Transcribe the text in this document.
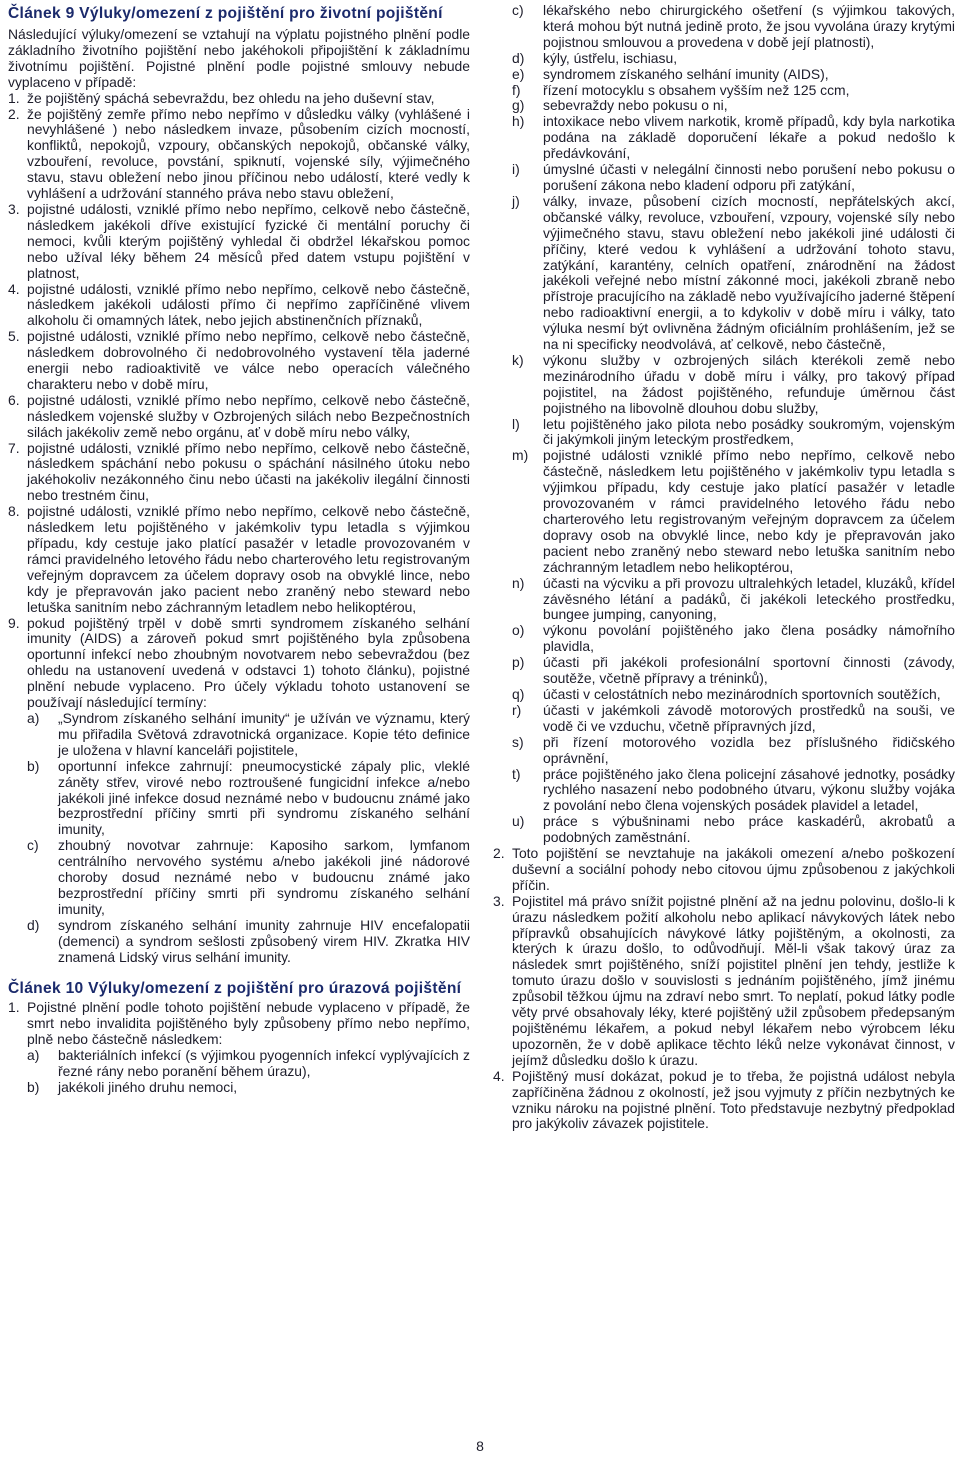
Článek 9 Výluky/omezení z pojištění pro životní pojištění

Následující výluky/omezení se vztahují na výplatu pojistného plnění podle základního životního pojištění nebo jakéhokoli připojištění k základnímu životnímu pojištění. Pojistné plnění podle pojistné smlouvy nebude vyplaceno v případě:

1. že pojištěný spáchá sebevraždu, bez ohledu na jeho duševní stav,
2. že pojištěný zemře přímo nebo nepřímo v důsledku války (vyhlášené i nevyhlášené ) nebo následkem invaze, působením cizích mocností, konfliktů, nepokojů, vzpoury, občanských nepokojů, občanské války, vzbouření, revoluce, povstání, spiknutí, vojenské síly, výjimečného stavu, stavu obležení nebo jinou příčinou nebo událostí, které vedly k vyhlášení a udržování stanného práva nebo stavu obležení,
3. pojistné události, vzniklé přímo nebo nepřímo, celkově nebo částečně, následkem jakékoli dříve existující fyzické či mentální poruchy či nemoci, kvůli kterým pojištěný vyhledal či obdržel lékařskou pomoc nebo užíval léky během 24 měsíců před datem vstupu pojištění v platnost,
4. pojistné události, vzniklé přímo nebo nepřímo, celkově nebo částečně, následkem jakékoli události přímo či nepřímo zapříčiněné vlivem alkoholu či omamných látek, nebo jejich abstinenčních příznaků,
5. pojistné události, vzniklé přímo nebo nepřímo, celkově nebo částečně, následkem dobrovolného či nedobrovolného vystavení těla jaderné energii nebo radioaktivitě ve válce nebo operacích válečného charakteru nebo v době míru,
6. pojistné události, vzniklé přímo nebo nepřímo, celkově nebo částečně, následkem vojenské služby v Ozbrojených silách nebo Bezpečnostních silách jakékoliv země nebo orgánu, ať v době míru nebo války,
7. pojistné události, vzniklé přímo nebo nepřímo, celkově nebo částečně, následkem spáchání nebo pokusu o spáchání násilného útoku nebo jakéhokoliv nezákonného činu nebo účasti na jakékoliv ilegální činnosti nebo trestném činu,
8. pojistné události, vzniklé přímo nebo nepřímo, celkově nebo částečně, následkem letu pojištěného v jakémkoliv typu letadla s výjimkou případu, kdy cestuje jako platící pasažér v letadle provozovaném v rámci pravidelného letového řádu nebo charterového letu registrovaným veřejným dopravcem za účelem dopravy osob na obvyklé lince, nebo kdy je přepravován jako pacient nebo zraněný nebo steward nebo letuška sanitním nebo záchranným letadlem nebo helikoptérou,
9. pokud pojištěný trpěl v době smrti syndromem získaného selhání imunity (AIDS) a zároveň pokud smrt pojištěného byla způsobena oportunní infekcí nebo zhoubným novotvarem nebo sebevraždou (bez ohledu na ustanovení uvedená v odstavci 1) tohoto článku), pojistné plnění nebude vyplaceno. Pro účely výkladu tohoto ustanovení se používají následující termíny:
a)	„Syndrom získaného selhání imunity“ je užíván ve významu, který mu přiřadila Světová zdravotnická organizace. Kopie této definice je uložena v hlavní kanceláři pojistitele,
b)	oportunní infekce zahrnují: pneumocystické zápaly plic, vleklé záněty střev, virové nebo roztroušené fungicidní infekce a/nebo jakékoli jiné infekce dosud neznámé nebo v budoucnu známé jako bezprostřední příčiny smrti při syndromu získaného selhání imunity,
c)	zhoubný novotvar zahrnuje: Kaposiho sarkom, lymfanom centrálního nervového systému a/nebo jakékoli jiné nádorové choroby dosud neznámé nebo v budoucnu známé jako bezprostřední příčiny smrti při syndromu získaného selhání imunity,
d)	syndrom získaného selhání imunity zahrnuje HIV encefalopatii (demenci) a syndrom sešlosti způsobený virem HIV. Zkratka HIV znamená Lidský virus selhání imunity.
Článek 10 Výluky/omezení z pojištění pro úrazová pojištění
1. Pojistné plnění podle tohoto pojištění nebude vyplaceno v případě, že smrt nebo invalidita pojištěného byly způsobeny přímo nebo nepřímo, plně nebo částečně následkem:
a)	bakteriálních infekcí (s výjimkou pyogenních infekcí vyplývajících z řezné rány nebo poranění během úrazu),
b)	jakékoli jiného druhu nemoci,
c)	lékařského nebo chirurgického ošetření (s výjimkou takových, která mohou být nutná jedině proto, že jsou vyvolána úrazy krytými pojistnou smlouvou a provedena v době její platnosti),
d)	kýly, ústřelu, ischiasu,
e)	syndromem získaného selhání imunity (AIDS),
f)	řízení motocyklu s obsahem vyšším než 125 ccm,
g)	sebevraždy nebo pokusu o ni,
h)	intoxikace nebo vlivem narkotik, kromě případů, kdy byla narkotika podána na základě doporučení lékaře a pokud nedošlo k předávkování,
i)	úmyslné účasti v nelegální činnosti nebo porušení nebo pokusu o porušení zákona nebo kladení odporu při zatýkání,
j)	války, invaze, působení cizích mocností, nepřátelských akcí, občanské války, revoluce, vzbouření, vzpoury, vojenské síly nebo výjimečného stavu, stavu obležení nebo jakékoli jiné události či příčiny, které vedou k vyhlášení a udržování tohoto stavu, zatýkání, karantény, celních opatření, znárodnění na žádost jakékoli veřejné nebo místní zákonné moci, jakékoli zbraně nebo přístroje pracujícího na základě nebo využívajícího jaderné štěpení nebo radioaktivní energii, a to kdykoliv v době míru i války, tato výluka nesmí být ovlivněna žádným oficiálním prohlášením, jež se na ni specificky neodvolává, ať celkově, nebo částečně,
k)	výkonu služby v ozbrojených silách kterékoli země nebo mezinárodního úřadu v době míru i války, pro takový případ pojistitel, na žádost pojištěného, refunduje úměrnou část pojistného na libovolně dlouhou dobu služby,
l)	letu pojištěného jako pilota nebo posádky soukromým, vojenským či jakýmkoli jiným leteckým prostředkem,
m)	pojistné události vzniklé přímo nebo nepřímo, celkově nebo částečně, následkem letu pojištěného v jakémkoliv typu letadla s výjimkou případu, kdy cestuje jako platící pasažér v letadle provozovaném v rámci pravidelného letového řádu nebo charterového letu registrovaným veřejným dopravcem za účelem dopravy osob na obvyklé lince, nebo kdy je přepravován jako pacient nebo zraněný nebo steward nebo letuška sanitním nebo záchranným letadlem nebo helikoptérou,
n)	účasti na výcviku a při provozu ultralehkých letadel, kluzáků, křídel závěsného létání a padáků, či jakékoli leteckého prostředku, bungee jumping, canyoning,
o)	výkonu povolání pojištěného jako člena posádky námořního plavidla,
p)	účasti při jakékoli profesionální sportovní činnosti (závody, soutěže, včetně přípravy a tréninků),
q)	účasti v celostátních nebo mezinárodních sportovních soutěžích,
r)	účasti v jakémkoli závodě motorových prostředků na souši, ve vodě či ve vzduchu, včetně přípravných jízd,
s)	při řízení motorového vozidla bez příslušného řidičského oprávnění,
t)	práce pojištěného jako člena policejní zásahové jednotky, posádky rychlého nasazení nebo podobného útvaru, výkonu služby vojáka z povolání nebo člena vojenských posádek plavidel a letadel,
u)	práce s výbušninami nebo práce kaskadérů, akrobatů a podobných zaměstnání.
2. Toto pojištění se nevztahuje na jakákoli omezení a/nebo poškození duševní a sociální pohody nebo citovou újmu způsobenou z jakýchkoli příčin.
3. Pojistitel má právo snížit pojistné plnění až na jednu polovinu, došlo-li k úrazu následkem požití alkoholu nebo aplikací návykových látek nebo přípravků obsahujících návykové látky pojištěným, a okolnosti, za kterých k úrazu došlo, to odůvodňují. Měl-li však takový úraz za následek smrt pojištěného, sníží pojistitel plnění jen tehdy, jestliže k tomuto úrazu došlo v souvislosti s jednáním pojištěného, jímž jinému způsobil těžkou újmu na zdraví nebo smrt. To neplatí, pokud látky podle věty prvé obsahovaly léky, které pojištěný užil způsobem předepsaným pojištěnému lékařem, a pokud nebyl lékařem nebo výrobcem léku upozorněn, že v době aplikace těchto léků nelze vykonávat činnost, v jejímž důsledku došlo k úrazu.
4. Pojištěný musí dokázat, pokud je to třeba, že pojistná událost nebyla zapříčiněna žádnou z okolností, jež jsou vyjmuty z příčin nezbytných ke vzniku nároku na pojistné plnění. Toto představuje nezbytný předpoklad pro jakýkoliv závazek pojistitele.
8
